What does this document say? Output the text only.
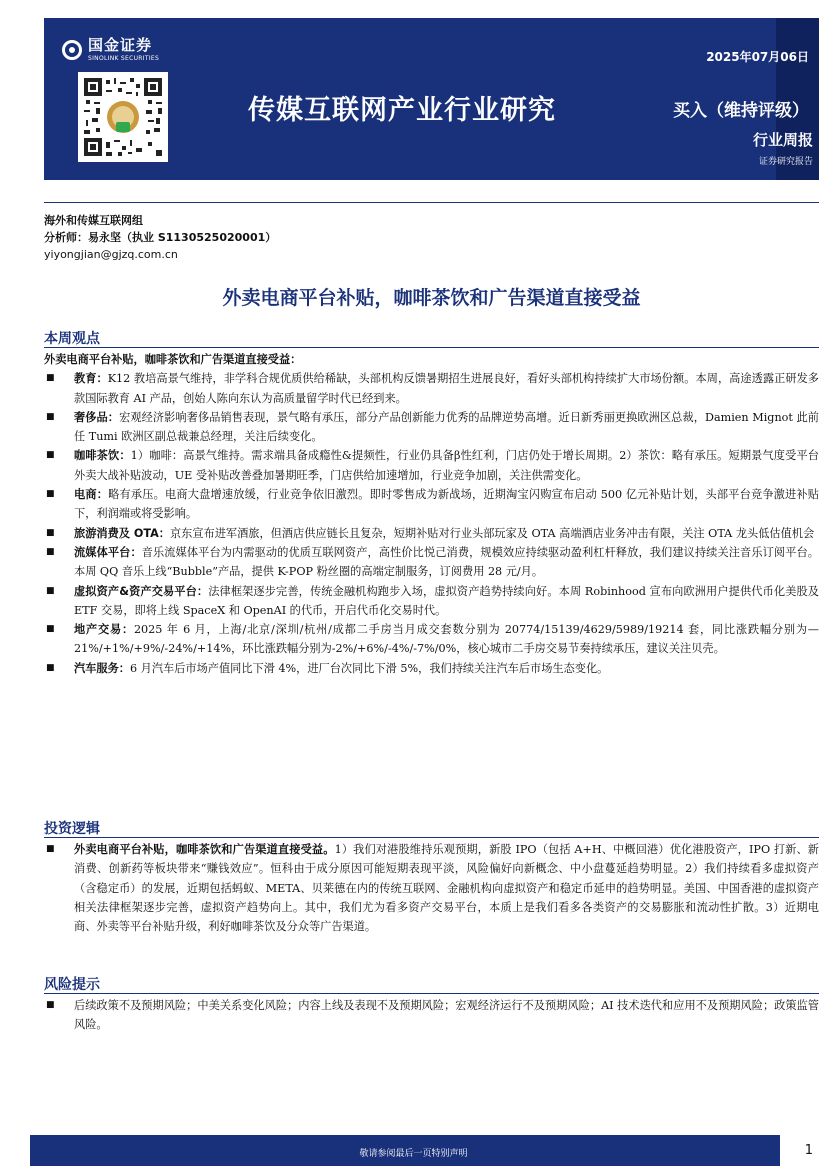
国金证券
SINOLINK SECURITIES	2025年07月06日
传媒互联网产业行业研究	买入（维持评级）
行业周报
证券研究报告
海外和传媒互联网组
分析师：易永坚（执业 S1130525020001）
yiyongjian@gjzq.com.cn
外卖电商平台补贴，咖啡茶饮和广告渠道直接受益
本周观点
外卖电商平台补贴，咖啡茶饮和广告渠道直接受益：
■	教育：K12 教培高景气维持，非学科合规优质供给稀缺，头部机构反馈暑期招生进展良好，看好头部机构持续扩大市场份额。本周，高途透露正研发多款国际教育 AI 产品，创始人陈向东认为高质量留学时代已经到来。
■	奢侈品：宏观经济影响奢侈品销售表现，景气略有承压，部分产品创新能力优秀的品牌逆势高增。近日新秀丽更换欧洲区总裁，Damien Mignot 此前任 Tumi 欧洲区副总裁兼总经理，关注后续变化。
■	咖啡茶饮：1）咖啡：高景气维持。需求端具备成瘾性&提频性，行业仍具备β性红利，门店仍处于增长周期。2）茶饮：略有承压。短期景气度受平台外卖大战补贴波动，UE 受补贴改善叠加暑期旺季，门店供给加速增加，行业竞争加剧，关注供需变化。
■	电商：略有承压。电商大盘增速放缓，行业竞争依旧激烈。即时零售成为新战场，近期淘宝闪购宣布启动 500 亿元补贴计划，头部平台竞争激进补贴下，利润端或将受影响。
■	旅游消费及 OTA：京东宣布进军酒旅，但酒店供应链长且复杂，短期补贴对行业头部玩家及 OTA 高端酒店业务冲击有限，关注 OTA 龙头低估值机会
■	流媒体平台：音乐流媒体平台为内需驱动的优质互联网资产，高性价比悦己消费，规模效应持续驱动盈利杠杆释放，我们建议持续关注音乐订阅平台。本周 QQ 音乐上线“Bubble”产品，提供 K-POP 粉丝圈的高端定制服务，订阅费用 28 元/月。
■	虚拟资产&资产交易平台：法律框架逐步完善，传统金融机构跑步入场，虚拟资产趋势持续向好。本周 Robinhood 宣布向欧洲用户提供代币化美股及 ETF 交易，即将上线 SpaceX 和 OpenAI 的代币，开启代币化交易时代。
■	地产交易：2025 年 6 月，上海/北京/深圳/杭州/成都二手房当月成交套数分别为 20774/15139/4629/5989/19214 套，同比涨跌幅分别为—21%/+1%/+9%/-24%/+14%，环比涨跌幅分别为-2%/+6%/-4%/-7%/0%，核心城市二手房交易节奏持续承压，建议关注贝壳。
■	汽车服务：6 月汽车后市场产值同比下滑 4%，进厂台次同比下滑 5%，我们持续关注汽车后市场生态变化。
投资逻辑
■	外卖电商平台补贴，咖啡茶饮和广告渠道直接受益。1）我们对港股维持乐观预期，新股 IPO（包括 A+H、中概回港）优化港股资产，IPO 打新、新消费、创新药等板块带来“赚钱效应”。恒科由于成分原因可能短期表现平淡，风险偏好向新概念、中小盘蔓延趋势明显。2）我们持续看多虚拟资产（含稳定币）的发展，近期包括蚂蚁、META、贝莱德在内的传统互联网、金融机构向虚拟资产和稳定币延申的趋势明显。美国、中国香港的虚拟资产相关法律框架逐步完善，虚拟资产趋势向上。其中，我们尤为看多资产交易平台，本质上是我们看多各类资产的交易膨胀和流动性扩散。3）近期电商、外卖等平台补贴升级，利好咖啡茶饮及分众等广告渠道。
风险提示
■	后续政策不及预期风险；中美关系变化风险；内容上线及表现不及预期风险；宏观经济运行不及预期风险；AI 技术迭代和应用不及预期风险；政策监管风险。
敬请参阅最后一页特别声明	1
